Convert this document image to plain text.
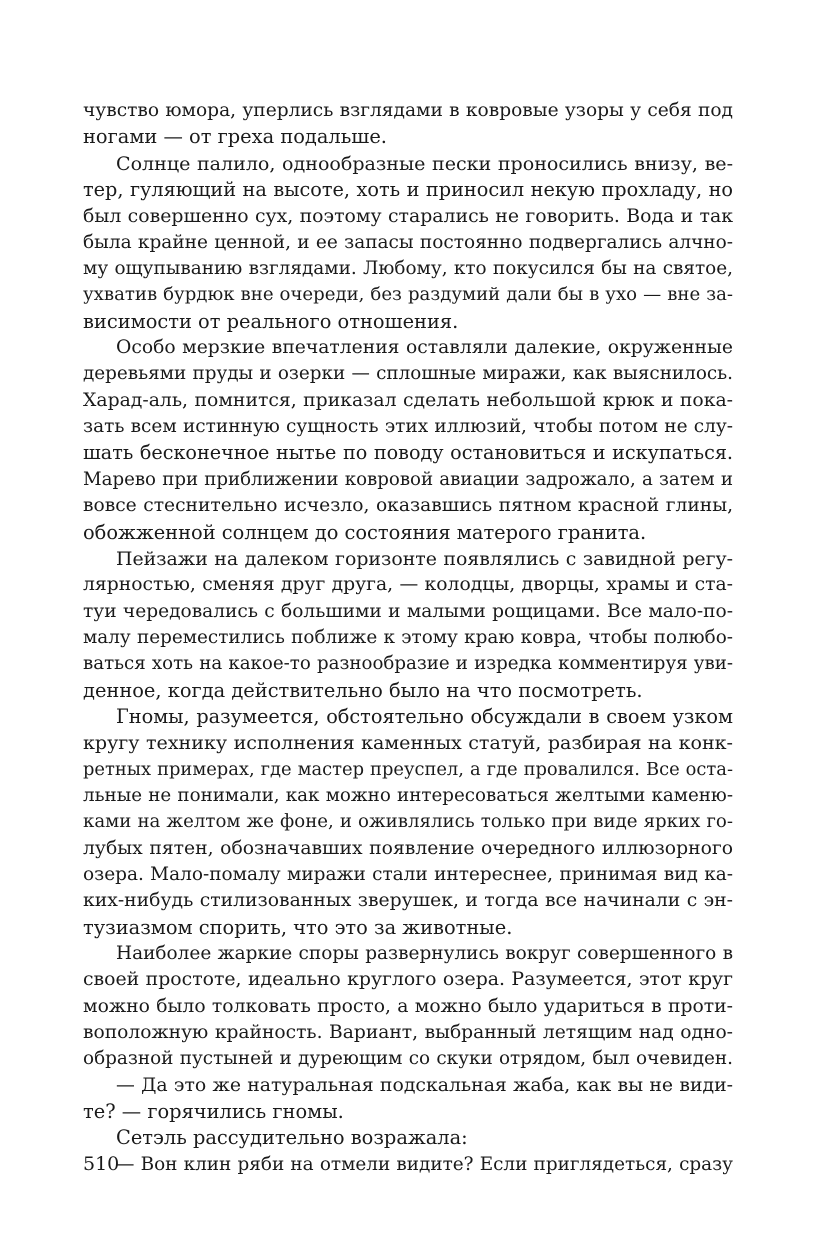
чувство юмора, уперлись взглядами в ковровые узоры у себя под

ногами — от греха подальше.

Солнце палило, однообразные пески проносились внизу, ве-

тер, гуляющий на высоте, хоть и приносил некую прохладу, но

был совершенно сух, поэтому старались не говорить. Вода и так

была крайне ценной, и ее запасы постоянно подвергались алчно-

му ощупыванию взглядами. Любому, кто покусился бы на святое,

ухватив бурдюк вне очереди, без раздумий дали бы в ухо — вне за-

висимости от реального отношения.

Особо мерзкие впечатления оставляли далекие, окруженные

деревьями пруды и озерки — сплошные миражи, как выяснилось.

Харад-аль, помнится, приказал сделать небольшой крюк и пока-

зать всем истинную сущность этих иллюзий, чтобы потом не слу-

шать бесконечное нытье по поводу остановиться и искупаться.

Марево при приближении ковровой авиации задрожало, а затем и

вовсе стеснительно исчезло, оказавшись пятном красной глины,

обожженной солнцем до состояния матерого гранита.

Пейзажи на далеком горизонте появлялись с завидной регу-

лярностью, сменяя друг друга, — колодцы, дворцы, храмы и ста-

туи чередовались с большими и малыми рощицами. Все мало-по-

малу переместились поближе к этому краю ковра, чтобы полюбо-

ваться хоть на какое-то разнообразие и изредка комментируя уви-

денное, когда действительно было на что посмотреть.

Гномы, разумеется, обстоятельно обсуждали в своем узком

кругу технику исполнения каменных статуй, разбирая на конк-

ретных примерах, где мастер преуспел, а где провалился. Все оста-

льные не понимали, как можно интересоваться желтыми каменю-

ками на желтом же фоне, и оживлялись только при виде ярких го-

лубых пятен, обозначавших появление очередного иллюзорного

озера. Мало-помалу миражи стали интереснее, принимая вид ка-

ких-нибудь стилизованных зверушек, и тогда все начинали с эн-

тузиазмом спорить, что это за животные.

Наиболее жаркие споры развернулись вокруг совершенного в

своей простоте, идеально круглого озера. Разумеется, этот круг

можно было толковать просто, а можно было удариться в проти-

воположную крайность. Вариант, выбранный летящим над одно-

образной пустыней и дуреющим со скуки отрядом, был очевиден.

— Да это же натуральная подскальная жаба, как вы не види-

те? — горячились гномы.

Сетэль рассудительно возражала:

— Вон клин ряби на отмели видите? Если приглядеться, сразу

510
